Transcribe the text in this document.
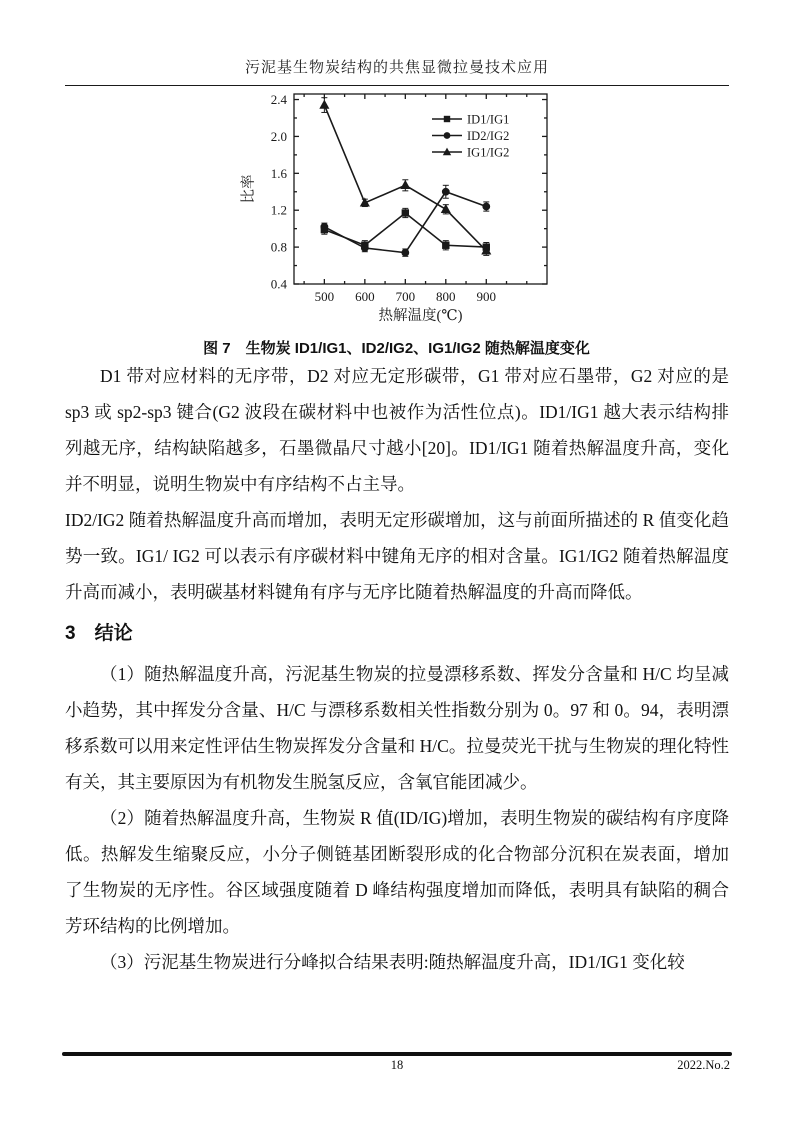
污泥基生物炭结构的共焦显微拉曼技术应用
0.4
0.8
1.2
1.6
2.0
2.4
500 600 700 800 900
热解温度(℃)
比率
ID1/IG1
ID2/IG2
IG1/IG2
图 7　生物炭 ID1/IG1、ID2/IG2、IG1/IG2 随热解温度变化

D1 带对应材料的无序带，D2 对应无定形碳带，G1 带对应石墨带，G2 对应的是 sp3 或 sp2-sp3 键合(G2 波段在碳材料中也被作为活性位点)。ID1/IG1 越大表示结构排列越无序，结构缺陷越多，石墨微晶尺寸越小[20]。ID1/IG1 随着热解温度升高，变化并不明显，说明生物炭中有序结构不占主导。

ID2/IG2 随着热解温度升高而增加，表明无定形碳增加，这与前面所描述的 R 值变化趋势一致。IG1/ IG2 可以表示有序碳材料中键角无序的相对含量。IG1/IG2 随着热解温度升高而减小，表明碳基材料键角有序与无序比随着热解温度的升高而降低。

3　结论

（1）随热解温度升高，污泥基生物炭的拉曼漂移系数、挥发分含量和 H/C 均呈减小趋势，其中挥发分含量、H/C 与漂移系数相关性指数分别为 0。97 和 0。94，表明漂移系数可以用来定性评估生物炭挥发分含量和 H/C。拉曼荧光干扰与生物炭的理化特性有关，其主要原因为有机物发生脱氢反应，含氧官能团减少。

（2）随着热解温度升高，生物炭 R 值(ID/IG)增加，表明生物炭的碳结构有序度降低。热解发生缩聚反应，小分子侧链基团断裂形成的化合物部分沉积在炭表面，增加了生物炭的无序性。谷区域强度随着 D 峰结构强度增加而降低，表明具有缺陷的稠合芳环结构的比例增加。

（3）污泥基生物炭进行分峰拟合结果表明:随热解温度升高，ID1/IG1 变化较

18	2022.No.2
